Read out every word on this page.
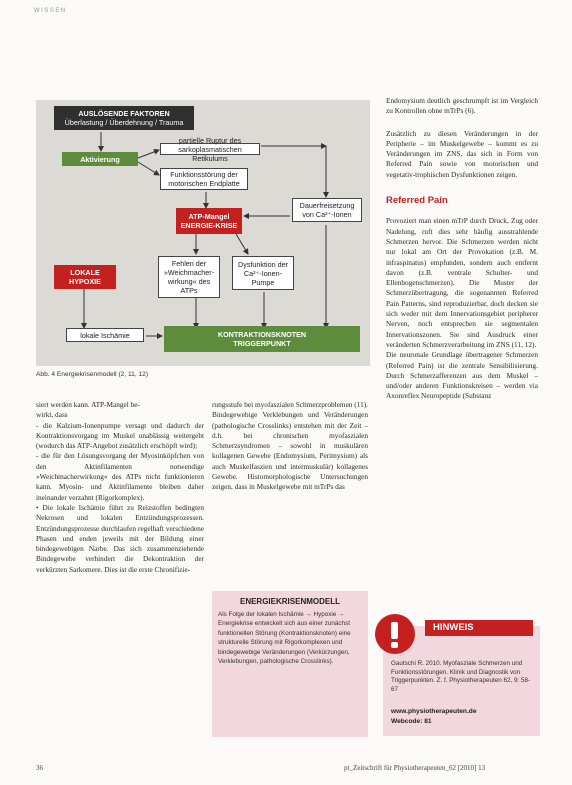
WISSEN
AUSLÖSENDE FAKTOREN
Überlastung / Überdehnung / Trauma
Aktivierung
partielle Ruptur des sarkoplasmatischen Retikulums
Funktionsstörung der motorischen Endplatte
Dauerfreisetzung von Ca²⁺-Ionen
ATP-Mangel
ENERGIE-KRISE
LOKALE HYPOXIE
Fehlen der »Weichmacher-wirkung« des ATPs
Dysfunktion der Ca²⁺-Ionen-Pumpe
lokale Ischämie	KONTRAKTIONSKNOTEN
TRIGGERPUNKT
Abb. 4 Energiekrisenmodell (2, 11, 12)

siert werden kann. ATP-Mangel be-

wirkt, dass

- die Kalzium-Ionenpumpe versagt und dadurch der Kontraktionsvorgang im Muskel unablässig weitergeht (wodurch das ATP-Angebot zusätzlich erschöpft wird);

- die für den Lösungsvorgang der Myosinköpfchen von den Aktinfilamenten notwendige »Weichmacherwirkung« des ATPs nicht funktionieren kann. Myosin- und Aktinfilamente bleiben daher ineinander verzahnt (Rigorkomplex).

• Die lokale Ischämie führt zu Reizstoffen bedingten Nekrosen und lokalen Entzündungsprozessen. Entzündungsprozesse durchlaufen regelhaft verschiedene Phasen und enden jeweils mit der Bildung einer bindegewebigen Narbe. Das sich zusammenziehende Bindegewebe verhindert die Dekontraktion der verkürzten Sarkomere. Dies ist die erste Chronifizie-

rungsstufe bei myofaszialen Schmerzproblemen (11). Bindegewebige Verklebungen und Veränderungen (pathologische Crosslinks) entstehen mit der Zeit – d.h. bei chronischen myofaszialen Schmerzsyndromen – sowohl in muskulären kollagenen Gewebe (Endomysium, Perimysium) als auch Muskelfaszien und intermuskulär) kollagenes Gewebe. Histomorphologische Untersuchungen zeigen, dass in Muskelgewebe mit mTrPs das

ENERGIEKRISENMODELL
Als Folge der lokalen Ischämie → Hypoxie → Energiekrise entwickelt sich aus einer zunächst funktionellen Störung (Kontraktionsknoten) eine strukturelle Störung mit Rigorkomplexen und bindegewebige Veränderungen (Verkürzungen, Verklebungen, pathologische Crosslinks).

Endomysium deutlich geschrumpft ist im Vergleich zu Kontrollen ohne mTrPs (6).

Zusätzlich zu diesen Veränderungen in der Peripherie – im Muskelgewebe – kommt es zu Veränderungen im ZNS, das sich in Form von Referred Pain sowie von motorischen und vegetativ-trophischen Dysfunktionen zeigen.

Referred Pain

Provoziert man einen mTrP durch Druck, Zug oder Nadelung, ruft dies sehr häufig ausstrahlende Schmerzen hervor. Die Schmerzen werden nicht nur lokal am Ort der Provokation (z.B. M. infraspinatus) empfunden, sondern auch entfernt davon (z.B. ventrale Schulter- und Ellenbogenschmerzen). Die Muster der Schmerzübertragung, die sogenannten Referred Pain Patterns, sind reproduzierbar, doch decken sie sich weder mit dem Innervationsgebiet peripherer Nerven, noch entsprechen sie segmentalen Innervationszonen. Sie sind Ausdruck einer veränderten Schmerzverarbeitung im ZNS (11, 12).

Die neuronale Grundlage übertragener Schmerzen (Referred Pain) ist die zentrale Sensibilisierung. Durch Schmerzafferenzen aus dem Muskel – und/oder anderen Funktionskreisen – werden via Axonreflex Neuropeptide (Substanz

HINWEIS
Gautschi R. 2010. Myofasziale Schmerzen und Funktionsstörungen. Klinik und Diagnostik von Triggerpunkten. Z. f. Physiotherapeuten 62, 9: 58-67
www.physiotherapeuten.de
Webcode: 81
36	pt_Zeitschrift für Physiotherapeuten_62 [2010] 13
